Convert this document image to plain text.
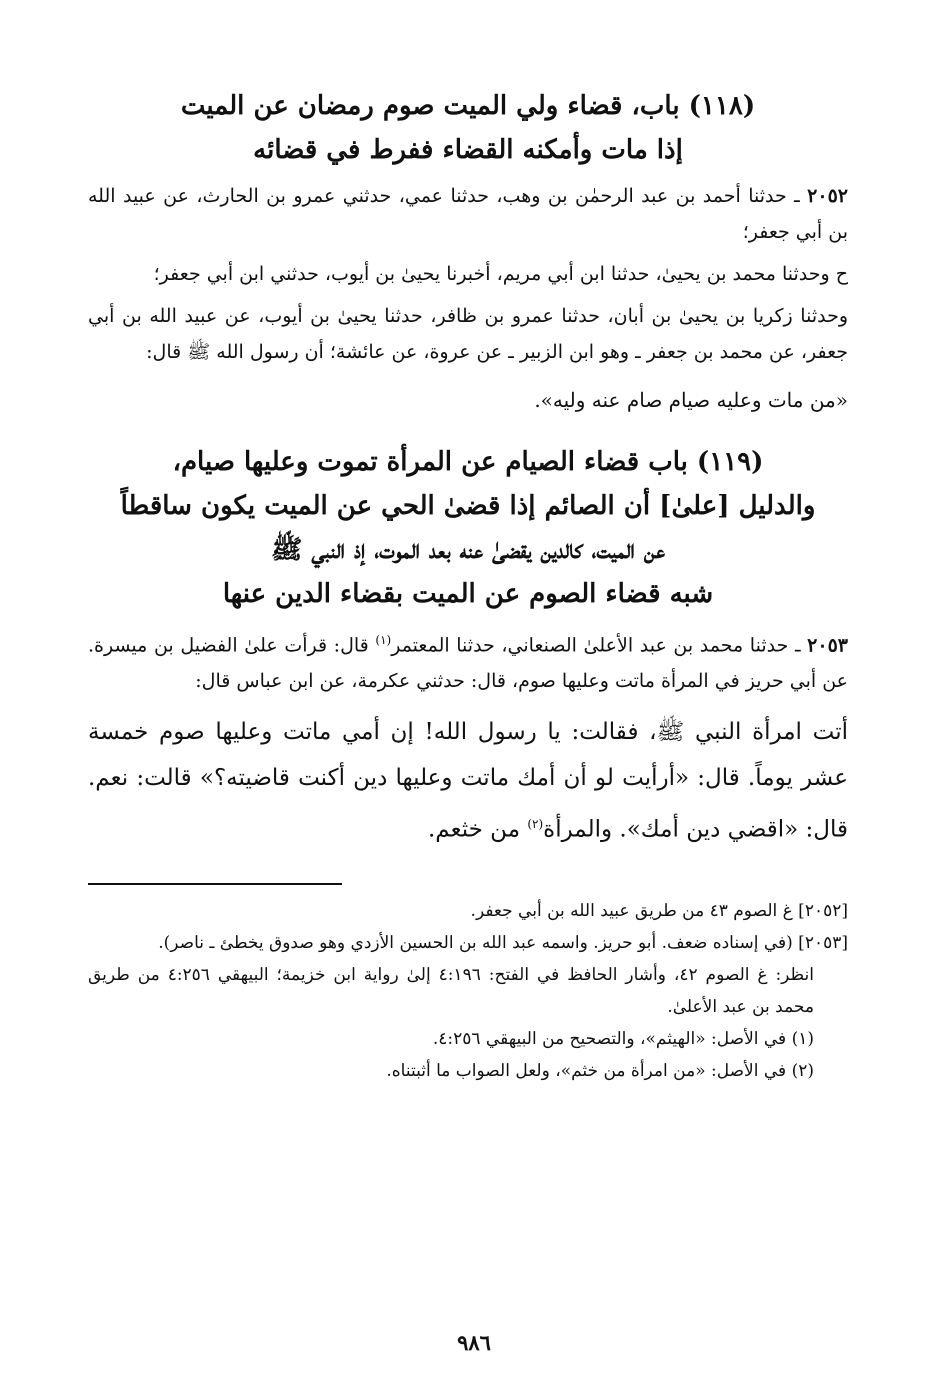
(١١٨) باب، قضاء ولي الميت صوم رمضان عن الميت
إذا مات وأمكنه القضاء ففرط في قضائه
٢٠٥٢ ـ حدثنا أحمد بن عبد الرحمٰن بن وهب، حدثنا عمي، حدثني عمرو بن الحارث، عن عبيد الله بن أبي جعفر؛
ح وحدثنا محمد بن يحيىٰ، حدثنا ابن أبي مريم، أخبرنا يحيىٰ بن أيوب، حدثني ابن أبي جعفر؛
وحدثنا زكريا بن يحيىٰ بن أبان، حدثنا عمرو بن ظافر، حدثنا يحيىٰ بن أيوب، عن عبيد الله بن أبي جعفر، عن محمد بن جعفر ـ وهو ابن الزبير ـ عن عروة، عن عائشة؛ أن رسول الله ﷺ قال:
«من مات وعليه صيام صام عنه وليه».
(١١٩) باب قضاء الصيام عن المرأة تموت وعليها صيام،
والدليل [علىٰ] أن الصائم إذا قضىٰ الحي عن الميت يكون ساقطاً
عن الميت، كالدين يقضىٰ عنه بعد الموت، إذ النبي ﷺ
شبه قضاء الصوم عن الميت بقضاء الدين عنها
٢٠٥٣ ـ حدثنا محمد بن عبد الأعلىٰ الصنعاني، حدثنا المعتمر$^{(١)}$ قال: قرأت علىٰ الفضيل بن ميسرة. عن أبي حريز في المرأة ماتت وعليها صوم، قال: حدثني عكرمة، عن ابن عباس قال:
أتت امرأة النبي ﷺ، فقالت: يا رسول الله! إن أمي ماتت وعليها صوم خمسة عشر يوماً. قال: «أرأيت لو أن أمك ماتت وعليها دين أكنت قاضيته؟» قالت: نعم. قال: «اقضي دين أمك». والمرأة$^{(٢)}$ من خثعم.
[٢٠٥٢] غ الصوم ٤٣ من طريق عبيد الله بن أبي جعفر.
[٢٠٥٣] (في إسناده ضعف. أبو حريز. واسمه عبد الله بن الحسين الأزدي وهو صدوق يخطئ ـ ناصر).
انظر: غ الصوم ٤٢، وأشار الحافظ في الفتح: ٤:١٩٦ إلىٰ رواية ابن خزيمة؛ البيهقي ٤:٢٥٦ من طريق محمد بن عبد الأعلىٰ.
(١) في الأصل: «الهيثم»، والتصحيح من البيهقي ٤:٢٥٦.
(٢) في الأصل: «من امرأة من خثم»، ولعل الصواب ما أثبتناه.
٩٨٦
